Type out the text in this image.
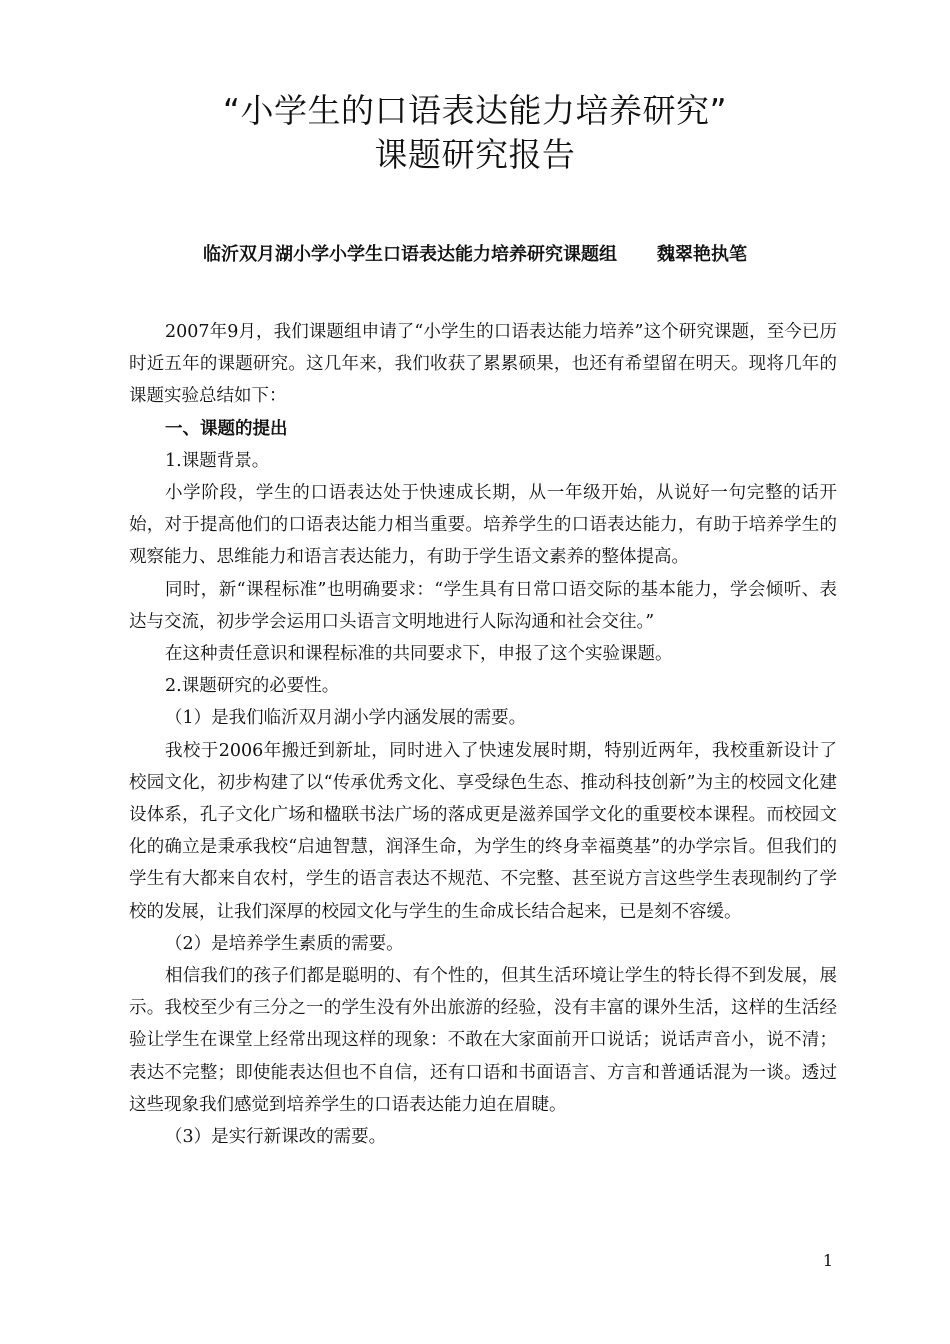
“小学生的口语表达能力培养研究”
课题研究报告
临沂双月湖小学小学生口语表达能力培养研究课题组 魏翠艳执笔

2007年9月，我们课题组申请了“小学生的口语表达能力培养”这个研究课题，至今已历时近五年的课题研究。这几年来，我们收获了累累硕果，也还有希望留在明天。现将几年的课题实验总结如下：

一、课题的提出

1.课题背景。

小学阶段，学生的口语表达处于快速成长期，从一年级开始，从说好一句完整的话开始，对于提高他们的口语表达能力相当重要。培养学生的口语表达能力，有助于培养学生的观察能力、思维能力和语言表达能力，有助于学生语文素养的整体提高。

同时，新“课程标准”也明确要求：“学生具有日常口语交际的基本能力，学会倾听、表达与交流，初步学会运用口头语言文明地进行人际沟通和社会交往。”

在这种责任意识和课程标准的共同要求下，申报了这个实验课题。

2.课题研究的必要性。

（1）是我们临沂双月湖小学内涵发展的需要。

我校于2006年搬迁到新址，同时进入了快速发展时期，特别近两年，我校重新设计了校园文化，初步构建了以“传承优秀文化、享受绿色生态、推动科技创新”为主的校园文化建设体系，孔子文化广场和楹联书法广场的落成更是滋养国学文化的重要校本课程。而校园文化的确立是秉承我校“启迪智慧，润泽生命，为学生的终身幸福奠基”的办学宗旨。但我们的学生有大都来自农村，学生的语言表达不规范、不完整、甚至说方言这些学生表现制约了学校的发展，让我们深厚的校园文化与学生的生命成长结合起来，已是刻不容缓。

（2）是培养学生素质的需要。

相信我们的孩子们都是聪明的、有个性的，但其生活环境让学生的特长得不到发展，展示。我校至少有三分之一的学生没有外出旅游的经验，没有丰富的课外生活，这样的生活经验让学生在课堂上经常出现这样的现象：不敢在大家面前开口说话；说话声音小，说不清；表达不完整；即使能表达但也不自信，还有口语和书面语言、方言和普通话混为一谈。透过这些现象我们感觉到培养学生的口语表达能力迫在眉睫。

（3）是实行新课改的需要。

1
